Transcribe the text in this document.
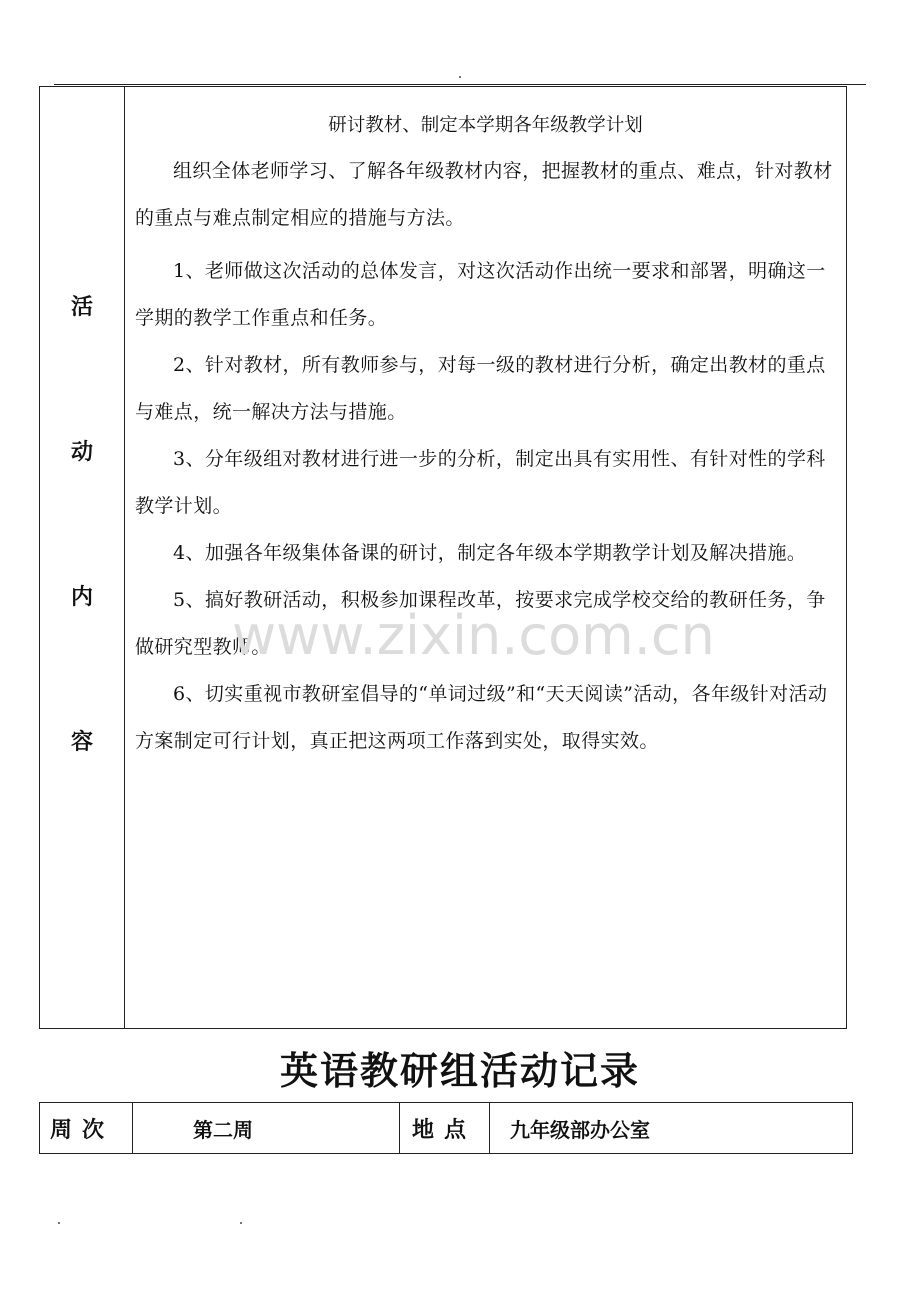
活
动
内
容
研讨教材、制定本学期各年级教学计划

组织全体老师学习、了解各年级教材内容，把握教材的重点、难点，针对教材的重点与难点制定相应的措施与方法。

1、老师做这次活动的总体发言，对这次活动作出统一要求和部署，明确这一学期的教学工作重点和任务。

2、针对教材，所有教师参与，对每一级的教材进行分析，确定出教材的重点与难点，统一解决方法与措施。

3、分年级组对教材进行进一步的分析，制定出具有实用性、有针对性的学科教学计划。

4、加强各年级集体备课的研讨，制定各年级本学期教学计划及解决措施。

5、搞好教研活动，积极参加课程改革，按要求完成学校交给的教研任务，争做研究型教师。

6、切实重视市教研室倡导的“单词过级”和“天天阅读”活动，各年级针对活动方案制定可行计划，真正把这两项工作落到实处，取得实效。

www.zixin.com.cn
英语教研组活动记录
周次	第二周	地点	九年级部办公室
